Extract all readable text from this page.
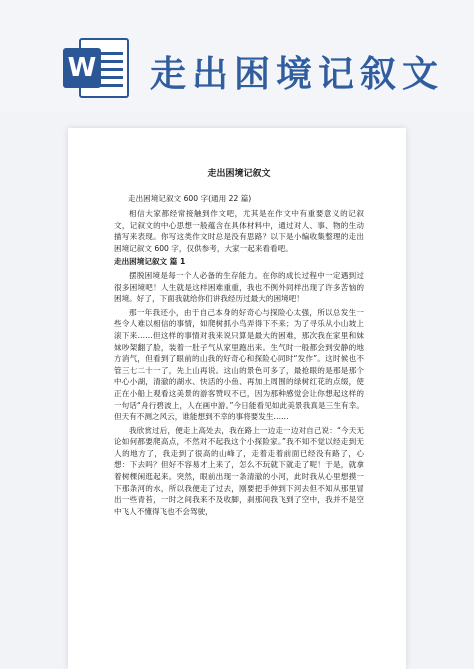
W 走出困境记叙文
走出困境记叙文
走出困境记叙文 600 字(通用 22 篇)
相信大家都经常接触到作文吧，尤其是在作文中有重要意义的记叙文，记叙文的中心思想一般蕴含在具体材料中，通过对人、事、物的生动描写来表现。你写这类作文时总是没有思路？以下是小编收集整理的走出困境记叙文 600 字，仅供参考，大家一起来看看吧。
走出困境记叙文 篇 1
摆脱困境是每一个人必备的生存能力。在你的成长过程中一定遇到过很多困境吧！人生就是这样困难重重，我也不例外同样出现了许多苦恼的困境。好了，下面我就给你们讲我经历过最大的困境吧！
那一年我还小，由于自己本身的好奇心与探险心太强，所以总发生一些令人难以相信的事情，如爬树抓小鸟弄得下不来；为了寻乐从小山坡上滚下来……但这样的事情对我来说只算是最大的困难，那次我在家里和妹妹吵架翻了脸，装着一肚子气从家里跑出来。生气时一般都会到安静的地方消气，但看到了眼前的山我的好奇心和探险心同时“发作”。这时候也不管三七二十一了，先上山再说。这山的景色可多了，最抢眼的是那是那个中心小湖，清澈的湖水、快活的小鱼、再加上周围的绿树红花的点缀，使正在小船上观看这美景的游客赞叹不已，因为那种感觉会让你想起这样的一句话“舟行碧波上，人在画中游。”今日能看见如此美景我真是三生有幸。但天有不测之风云，谁能想到不幸的事将要发生……
我欣赏过后，便走上高处去，我在路上一边走一边对自己说：“今天无论如何都要爬高点，不然对不起我这个小探险家。”我不知不觉以经走到无人的地方了，我走到了很高的山峰了，走着走着前面已经没有路了，心想：下去吗？但好不容易才上来了，怎么不玩就下就走了呢！于是，就拿着树棵闲逛起来。突然，眼前出现一条清澈的小河，此时我从心里想摸一下那条河的水，所以我便走了过去，刚要把手伸到下河去但不知从那里冒出一些青苔，一时之间我来不及收脚，刹那间我飞到了空中，我并不是空中飞人不懂得飞也不会驾驶，
